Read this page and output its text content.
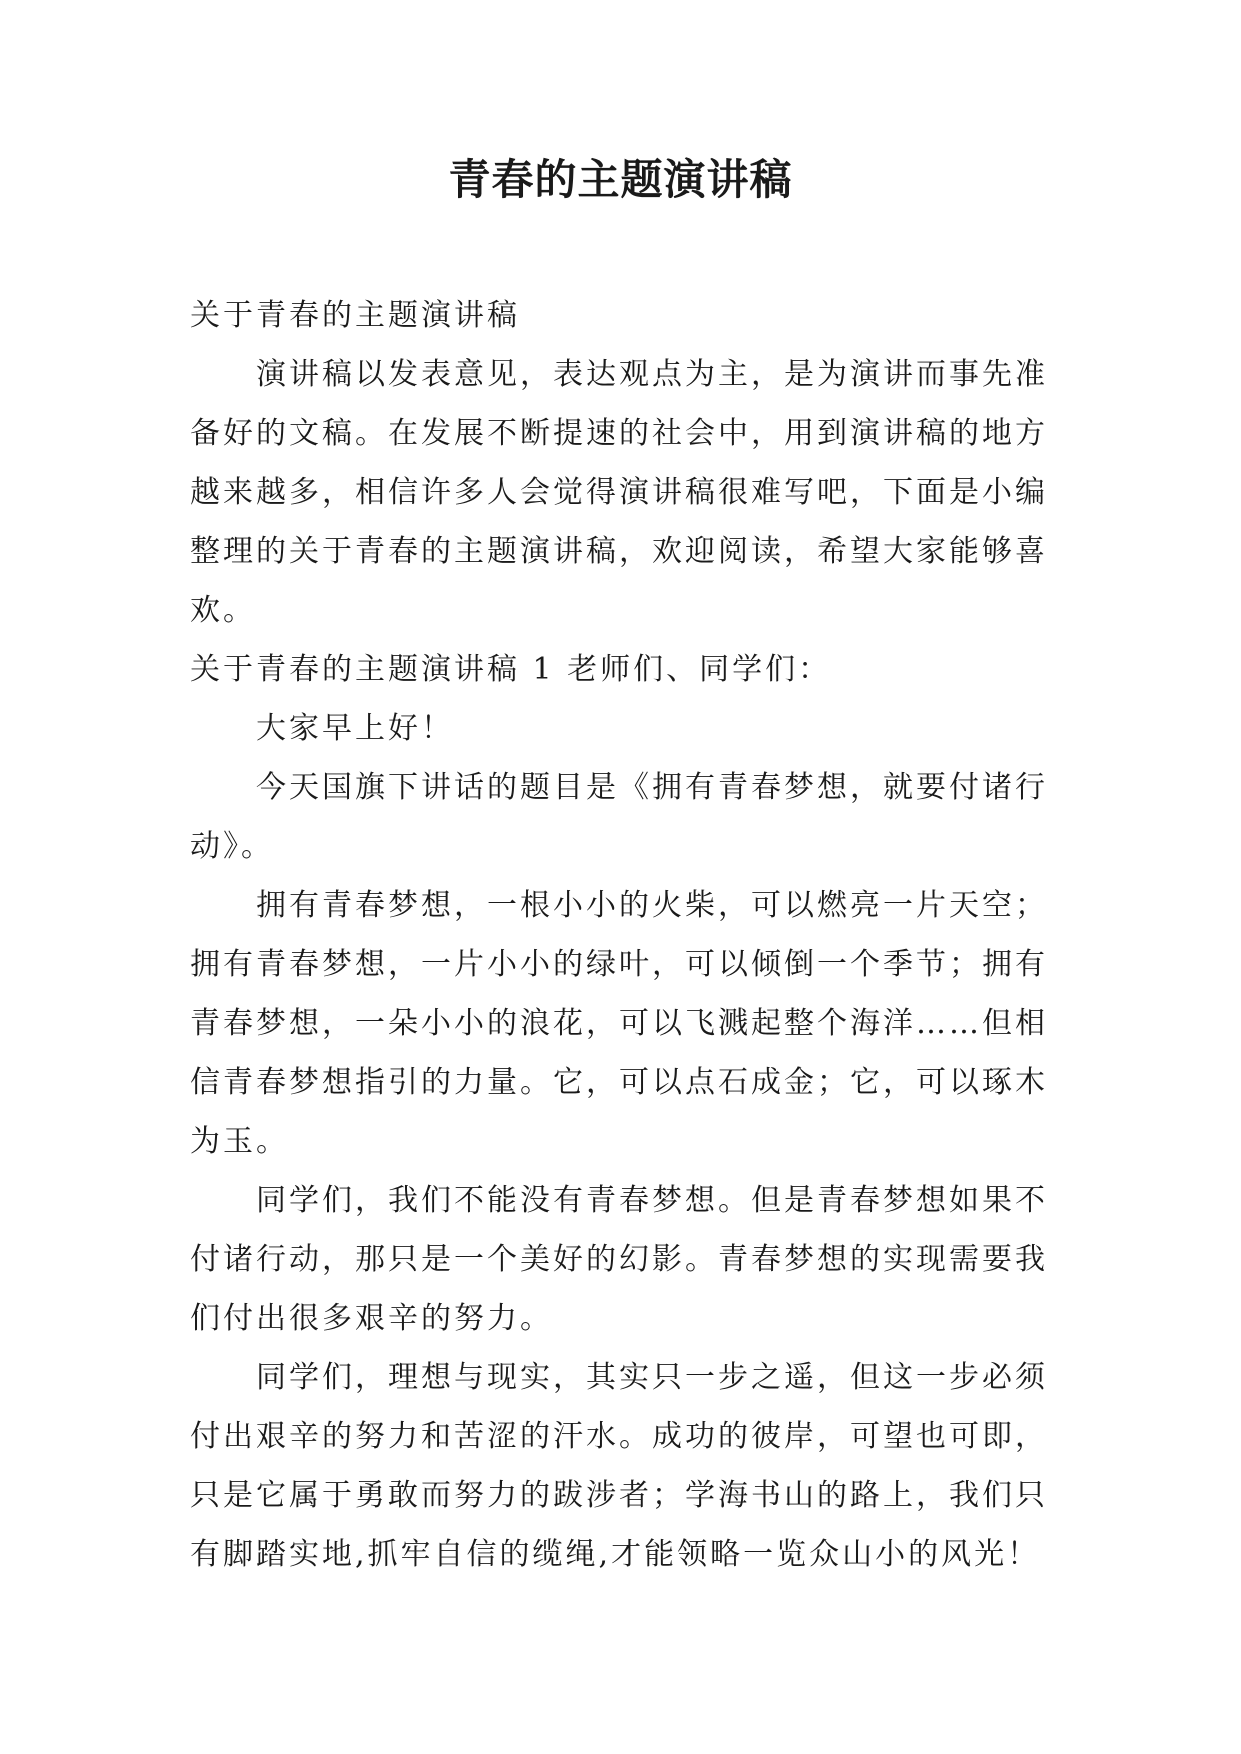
青春的主题演讲稿

关于青春的主题演讲稿

演讲稿以发表意见，表达观点为主，是为演讲而事先准备好的文稿。在发展不断提速的社会中，用到演讲稿的地方越来越多，相信许多人会觉得演讲稿很难写吧，下面是小编整理的关于青春的主题演讲稿，欢迎阅读，希望大家能够喜欢。

关于青春的主题演讲稿 1 老师们、同学们：

大家早上好！

今天国旗下讲话的题目是《拥有青春梦想，就要付诸行动》。

拥有青春梦想，一根小小的火柴，可以燃亮一片天空；拥有青春梦想，一片小小的绿叶，可以倾倒一个季节；拥有青春梦想，一朵小小的浪花，可以飞溅起整个海洋……但相信青春梦想指引的力量。它，可以点石成金；它，可以琢木为玉。

同学们，我们不能没有青春梦想。但是青春梦想如果不付诸行动，那只是一个美好的幻影。青春梦想的实现需要我们付出很多艰辛的努力。

同学们，理想与现实，其实只一步之遥，但这一步必须付出艰辛的努力和苦涩的汗水。成功的彼岸，可望也可即，只是它属于勇敢而努力的跋涉者；学海书山的路上，我们只有脚踏实地,抓牢自信的缆绳,才能领略一览众山小的风光！
